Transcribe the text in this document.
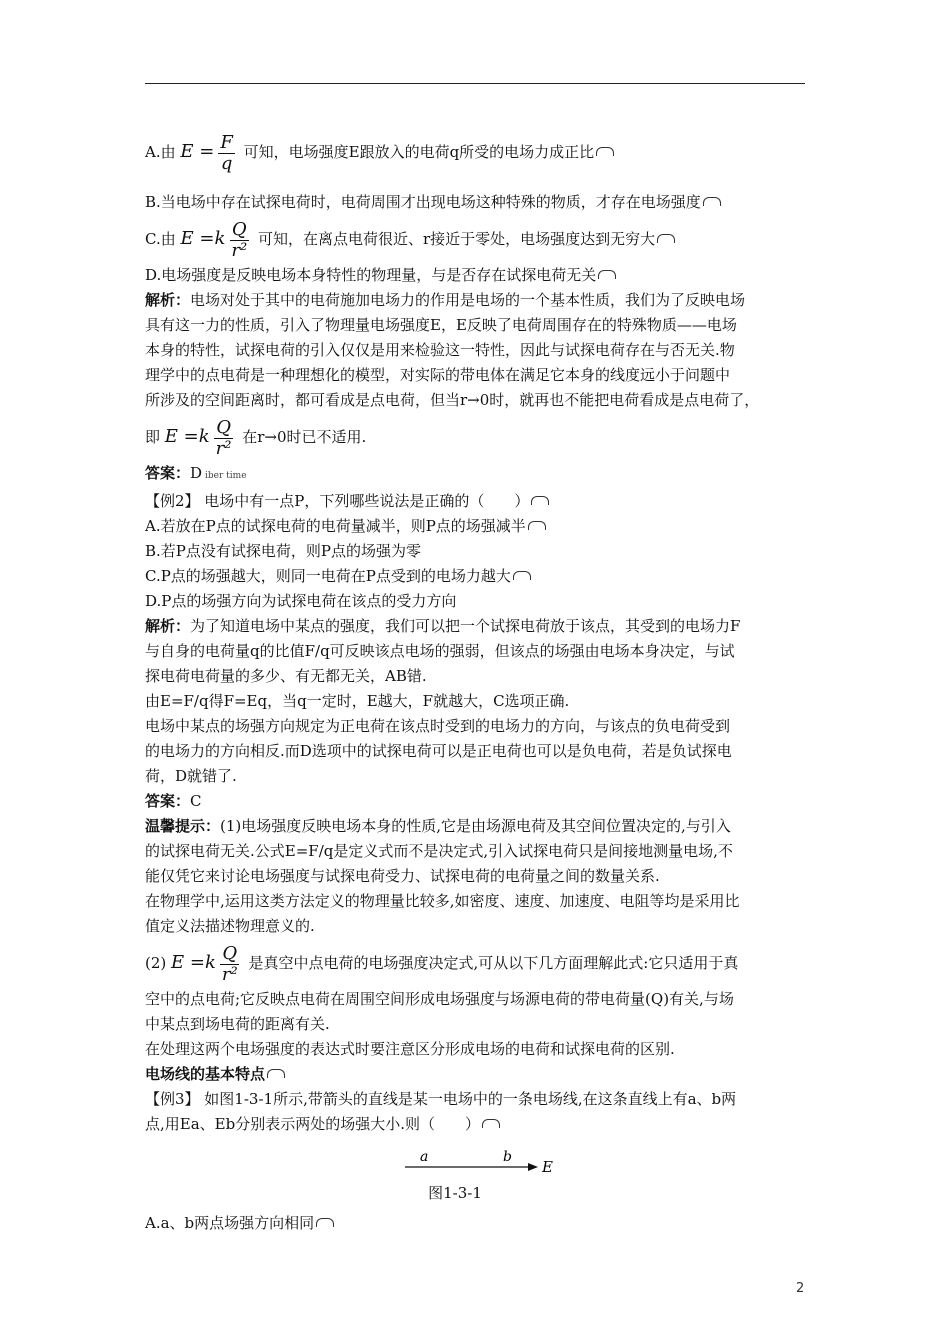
A.由 $E = \frac{F}{q}$ 可知，电场强度E跟放入的电荷q所受的电场力成正比
B.当电场中存在试探电荷时，电荷周围才出现电场这种特殊的物质，才存在电场强度
C.由 $E =k \frac{Q}{\text{r²}}$ 可知，在离点电荷很近、r接近于零处，电场强度达到无穷大
D.电场强度是反映电场本身特性的物理量，与是否存在试探电荷无关
解析：电场对处于其中的电荷施加电场力的作用是电场的一个基本性质，我们为了反映电场
具有这一力的性质，引入了物理量电场强度E，E反映了电荷周围存在的特殊物质——电场
本身的特性，试探电荷的引入仅仅是用来检验这一特性，因此与试探电荷存在与否无关.物
理学中的点电荷是一种理想化的模型，对实际的带电体在满足它本身的线度远小于问题中
所涉及的空间距离时，都可看成是点电荷，但当r→0时，就再也不能把电荷看成是点电荷了，
即 $E =k \frac{Q}{\text{r²}}$ 在r→0时已不适用.
答案：D iber time
【例2】 电场中有一点P，下列哪些说法是正确的（　　）
A.若放在P点的试探电荷的电荷量减半，则P点的场强减半
B.若P点没有试探电荷，则P点的场强为零
C.P点的场强越大，则同一电荷在P点受到的电场力越大
D.P点的场强方向为试探电荷在该点的受力方向
解析：为了知道电场中某点的强度，我们可以把一个试探电荷放于该点，其受到的电场力F
与自身的电荷量q的比值F/q可反映该点电场的强弱，但该点的场强由电场本身决定，与试
探电荷电荷量的多少、有无都无关，AB错.
由E=F/q得F=Eq，当q一定时，E越大，F就越大，C选项正确.
电场中某点的场强方向规定为正电荷在该点时受到的电场力的方向，与该点的负电荷受到
的电场力的方向相反.而D选项中的试探电荷可以是正电荷也可以是负电荷，若是负试探电
荷，D就错了.
答案：C
温馨提示：(1)电场强度反映电场本身的性质,它是由场源电荷及其空间位置决定的,与引入
的试探电荷无关.公式E=F/q是定义式而不是决定式,引入试探电荷只是间接地测量电场,不
能仅凭它来讨论电场强度与试探电荷受力、试探电荷的电荷量之间的数量关系.
在物理学中,运用这类方法定义的物理量比较多,如密度、速度、加速度、电阻等均是采用比
值定义法描述物理意义的.
(2) $E =k \frac{Q}{\text{r²}}$ 是真空中点电荷的电场强度决定式,可从以下几方面理解此式:它只适用于真
空中的点电荷;它反映点电荷在周围空间形成电场强度与场源电荷的带电荷量(Q)有关,与场
中某点到场电荷的距离有关.
在处理这两个电场强度的表达式时要注意区分形成电场的电荷和试探电荷的区别.
电场线的基本特点
【例3】 如图1-3-1所示,带箭头的直线是某一电场中的一条电场线,在这条直线上有a、b两
点,用Ea、Eb分别表示两处的场强大小.则（　　）
a	b
E
图1-3-1
A.a、b两点场强方向相同
2
